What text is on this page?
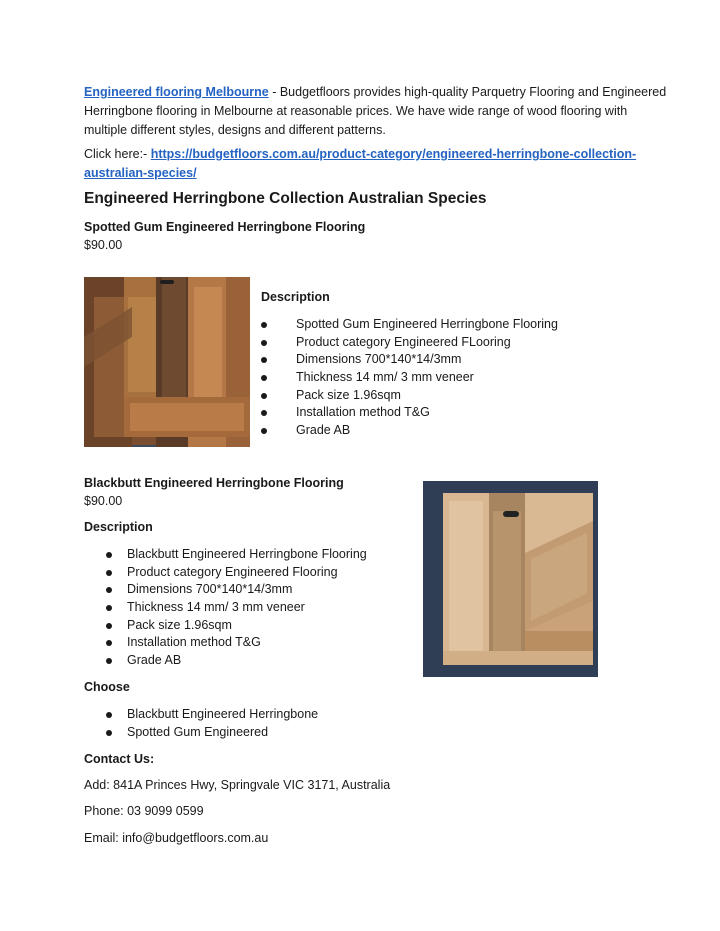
Engineered flooring Melbourne - Budgetfloors provides high-quality Parquetry Flooring and Engineered
Herringbone flooring in Melbourne at reasonable prices. We have wide range of wood flooring with
multiple different styles, designs and different patterns.
Click here:- https://budgetfloors.com.au/product-category/engineered-herringbone-collection-
australian-species/
Engineered Herringbone Collection Australian Species
Spotted Gum Engineered Herringbone Flooring
$90.00
Description
Spotted Gum Engineered Herringbone Flooring
Product category Engineered FLooring
Dimensions 700*140*14/3mm
Thickness 14 mm/ 3 mm veneer
Pack size 1.96sqm
Installation method T&G
Grade AB
Blackbutt Engineered Herringbone Flooring
$90.00
Description
Blackbutt Engineered Herringbone Flooring
Product category Engineered Flooring
Dimensions 700*140*14/3mm
Thickness 14 mm/ 3 mm veneer
Pack size 1.96sqm
Installation method T&G
Grade AB
Choose
Blackbutt Engineered Herringbone
Spotted Gum Engineered
Contact Us:
Add: 841A Princes Hwy, Springvale VIC 3171, Australia
Phone: 03 9099 0599
Email: info@budgetfloors.com.au
